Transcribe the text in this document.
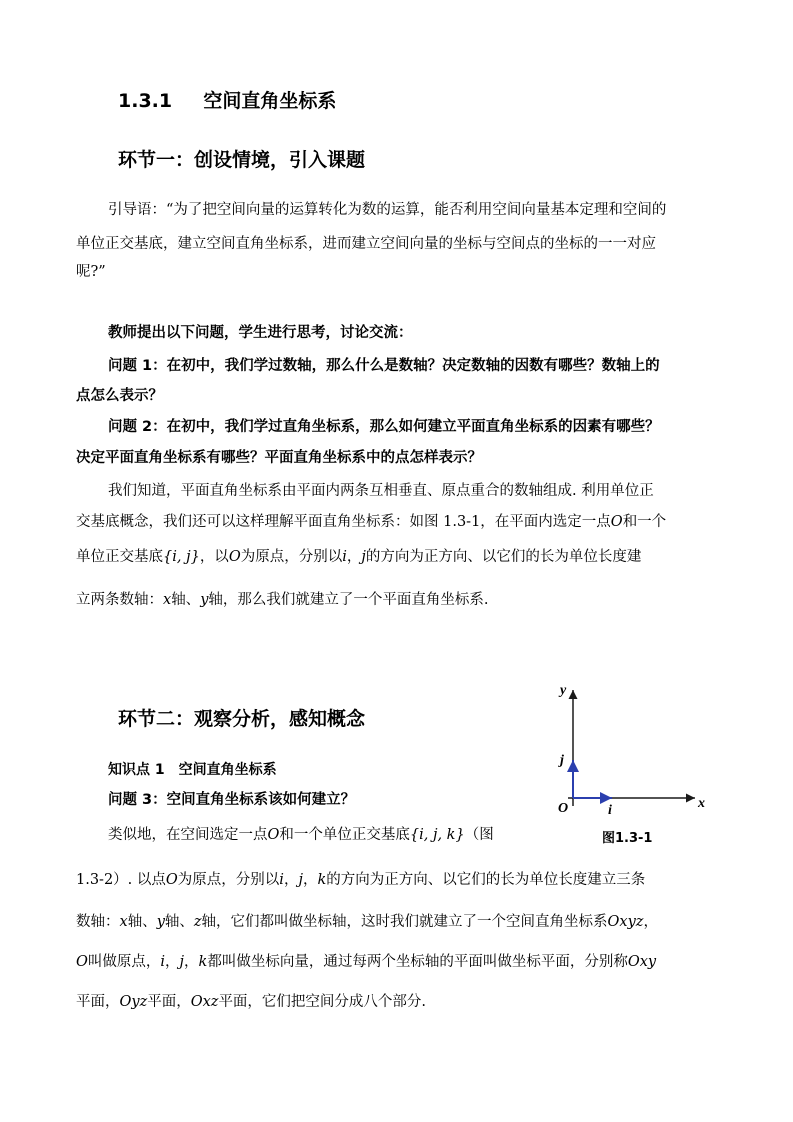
1.3.1 空间直角坐标系
环节一：创设情境，引入课题
引导语：“为了把空间向量的运算转化为数的运算，能否利用空间向量基本定理和空间的
单位正交基底，建立空间直角坐标系，进而建立空间向量的坐标与空间点的坐标的一一对应
呢?”
教师提出以下问题，学生进行思考，讨论交流：
问题 1：在初中，我们学过数轴，那么什么是数轴？决定数轴的因数有哪些？数轴上的
点怎么表示？
问题 2：在初中，我们学过直角坐标系，那么如何建立平面直角坐标系的因素有哪些？
决定平面直角坐标系有哪些？平面直角坐标系中的点怎样表示？
我们知道，平面直角坐标系由平面内两条互相垂直、原点重合的数轴组成. 利用单位正
交基底概念，我们还可以这样理解平面直角坐标系：如图 1.3-1，在平面内选定一点O和一个
单位正交基底{i, j}，以O为原点，分别以i，j的方向为正方向、以它们的长为单位长度建
立两条数轴：x轴、y轴，那么我们就建立了一个平面直角坐标系.
环节二：观察分析，感知概念
知识点 1　空间直角坐标系
问题 3：空间直角坐标系该如何建立？
类似地，在空间选定一点O和一个单位正交基底{i, j, k}（图
1.3-2）. 以点O为原点，分别以i，j，k的方向为正方向、以它们的长为单位长度建立三条
数轴：x轴、y轴、z轴，它们都叫做坐标轴，这时我们就建立了一个空间直角坐标系Oxyz，
O叫做原点，i，j，k都叫做坐标向量，通过每两个坐标轴的平面叫做坐标平面，分别称Oxy
平面，Oyz平面，Oxz平面，它们把空间分成八个部分.
x
y
O	i
j
图1.3-1
